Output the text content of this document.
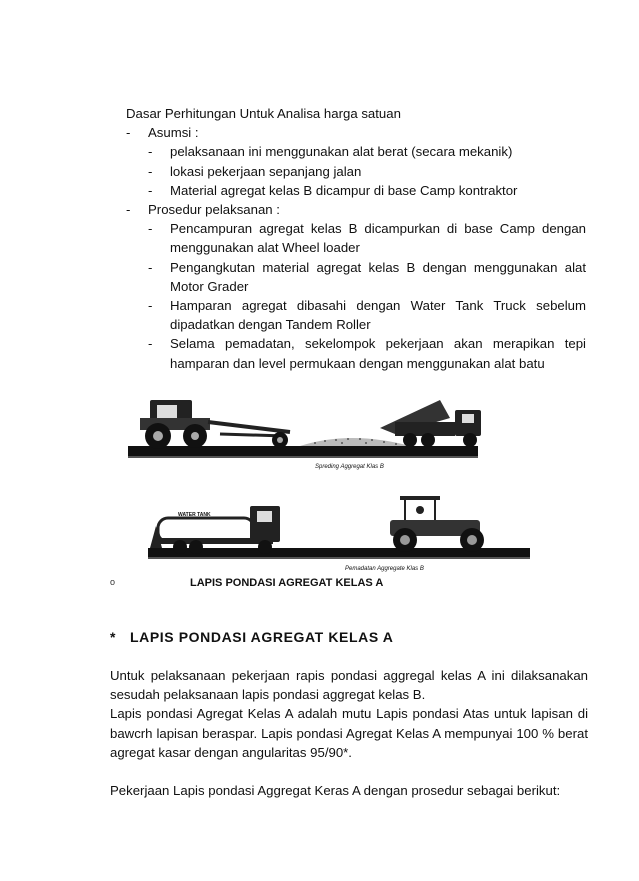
Dasar Perhitungan Untuk Analisa harga satuan
-	Asumsi :
-	pelaksanaan ini menggunakan alat berat (secara mekanik)
-	lokasi pekerjaan sepanjang jalan
-	Material agregat kelas B dicampur di base Camp kontraktor
-	Prosedur pelaksanan :
-	Pencampuran agregat kelas B dicampurkan di base Camp dengan menggunakan alat Wheel loader
-	Pengangkutan material agregat kelas B dengan menggunakan alat Motor Grader
-	Hamparan agregat dibasahi dengan Water Tank Truck sebelum dipadatkan dengan Tandem Roller
-	Selama pemadatan, sekelompok pekerjaan akan merapikan tepi hamparan dan level permukaan dengan menggunakan alat batu
Spreding Aggregat Klas B
WATER TANK
Pemadatan Aggregate Klas B
o	LAPIS PONDASI AGREGAT KELAS A
* LAPIS PONDASI AGREGAT KELAS A
Untuk pelaksanaan pekerjaan rapis pondasi aggregal kelas A ini dilaksanakan sesudah pelaksanaan lapis pondasi aggregat kelas B.
Lapis pondasi Agregat Kelas A adalah mutu Lapis pondasi Atas untuk lapisan di bawcrh lapisan beraspar. Lapis pondasi Agregat Kelas A mempunyai 100 % berat agregat kasar dengan angularitas 95/90*.
Pekerjaan Lapis pondasi Aggregat Keras A dengan prosedur sebagai berikut:
